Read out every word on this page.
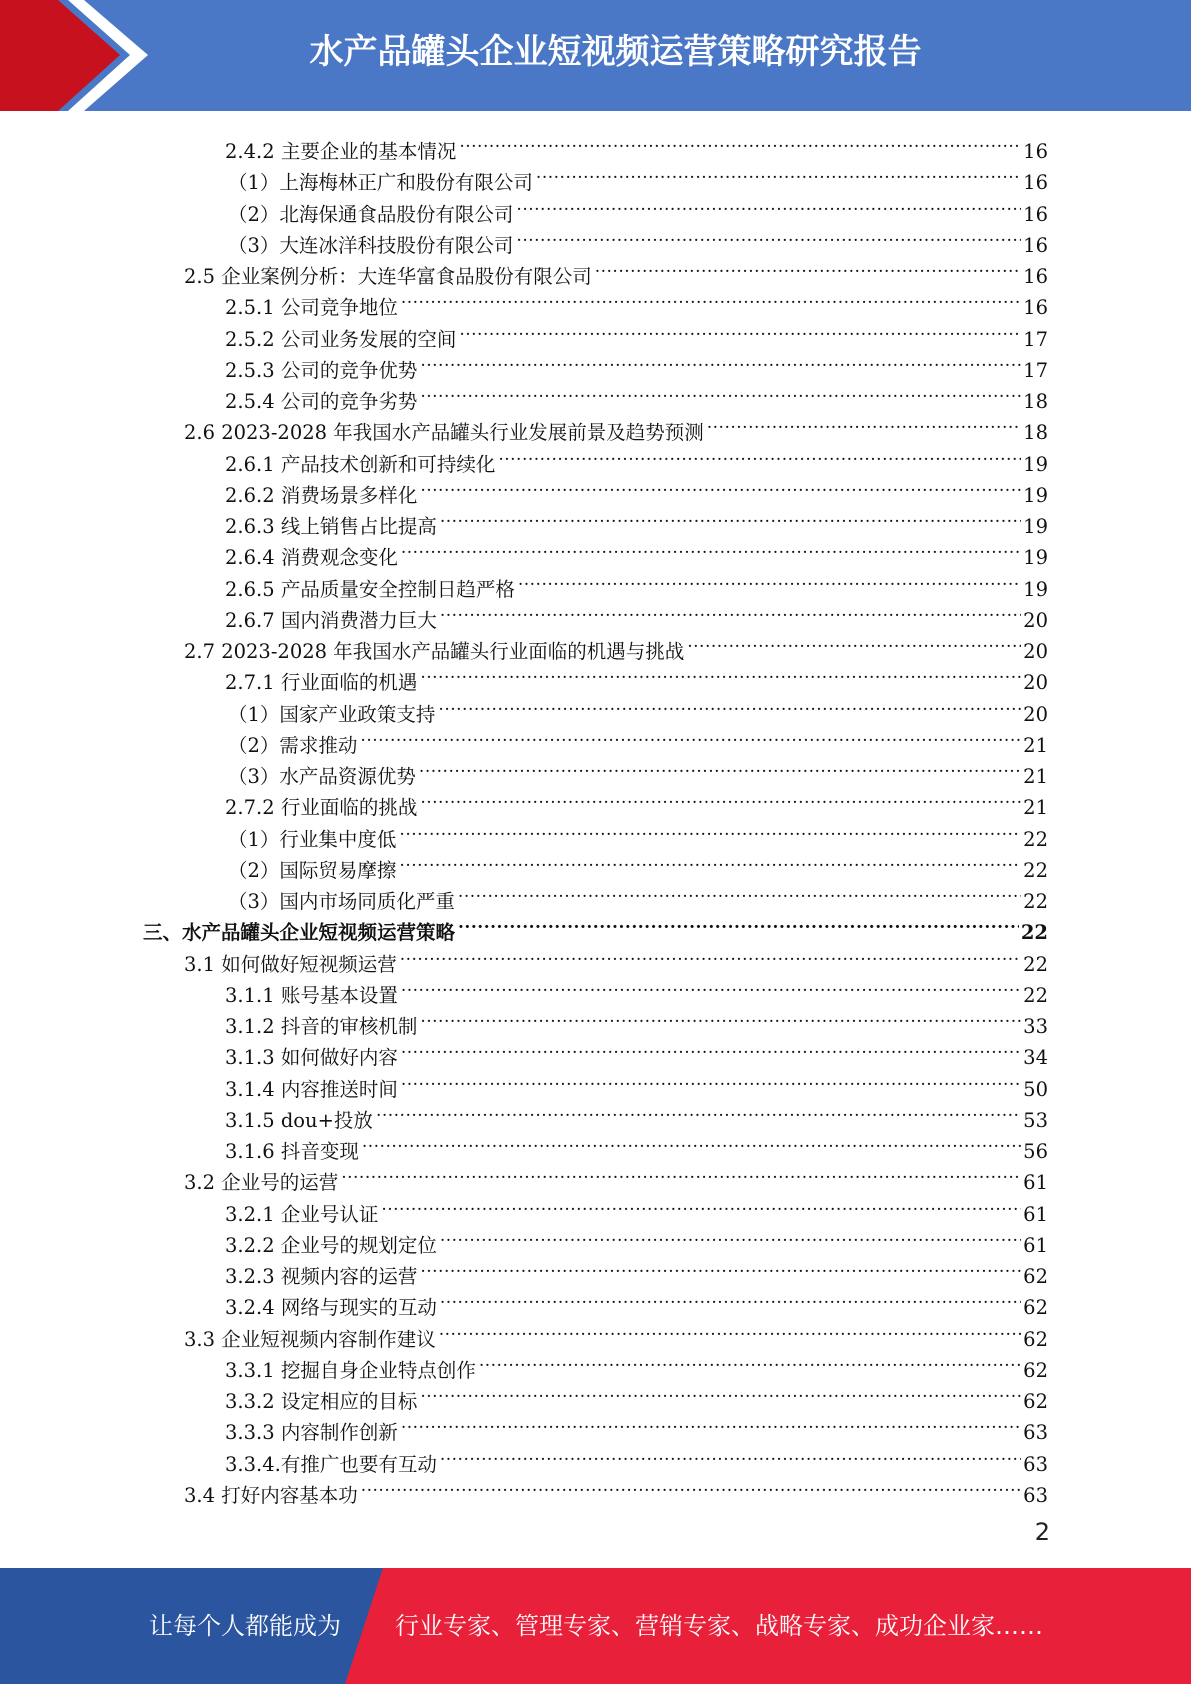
水产品罐头企业短视频运营策略研究报告
2.4.2 主要企业的基本情况 .....	16
（1）上海梅林正广和股份有限公司 .....	16
（2）北海保通食品股份有限公司 .....	16
（3）大连冰洋科技股份有限公司 .....	16
2.5 企业案例分析：大连华富食品股份有限公司 .....	16
2.5.1 公司竞争地位 .....	16
2.5.2 公司业务发展的空间 .....	17
2.5.3 公司的竞争优势 .....	17
2.5.4 公司的竞争劣势 .....	18
2.6 2023-2028 年我国水产品罐头行业发展前景及趋势预测 .....	18
2.6.1 产品技术创新和可持续化 .....	19
2.6.2 消费场景多样化 .....	19
2.6.3 线上销售占比提高 .....	19
2.6.4 消费观念变化 .....	19
2.6.5 产品质量安全控制日趋严格 .....	19
2.6.7 国内消费潜力巨大 .....	20
2.7 2023-2028 年我国水产品罐头行业面临的机遇与挑战 .....	20
2.7.1 行业面临的机遇 .....	20
（1）国家产业政策支持 .....	20
（2）需求推动 .....	21
（3）水产品资源优势 .....	21
2.7.2 行业面临的挑战 .....	21
（1）行业集中度低 .....	22
（2）国际贸易摩擦 .....	22
（3）国内市场同质化严重 .....	22
三、水产品罐头企业短视频运营策略 .....	22
3.1 如何做好短视频运营 .....	22
3.1.1 账号基本设置 .....	22
3.1.2 抖音的审核机制 .....	33
3.1.3 如何做好内容 .....	34
3.1.4 内容推送时间 .....	50
3.1.5 dou+投放 .....	53
3.1.6 抖音变现 .....	56
3.2 企业号的运营 .....	61
3.2.1 企业号认证 .....	61
3.2.2 企业号的规划定位 .....	61
3.2.3 视频内容的运营 .....	62
3.2.4 网络与现实的互动 .....	62
3.3 企业短视频内容制作建议 .....	62
3.3.1 挖掘自身企业特点创作 .....	62
3.3.2 设定相应的目标 .....	62
3.3.3 内容制作创新 .....	63
3.3.4.有推广也要有互动 .....	63
3.4 打好内容基本功 .....	63
2
让每个人都能成为	行业专家、管理专家、营销专家、战略专家、成功企业家……
